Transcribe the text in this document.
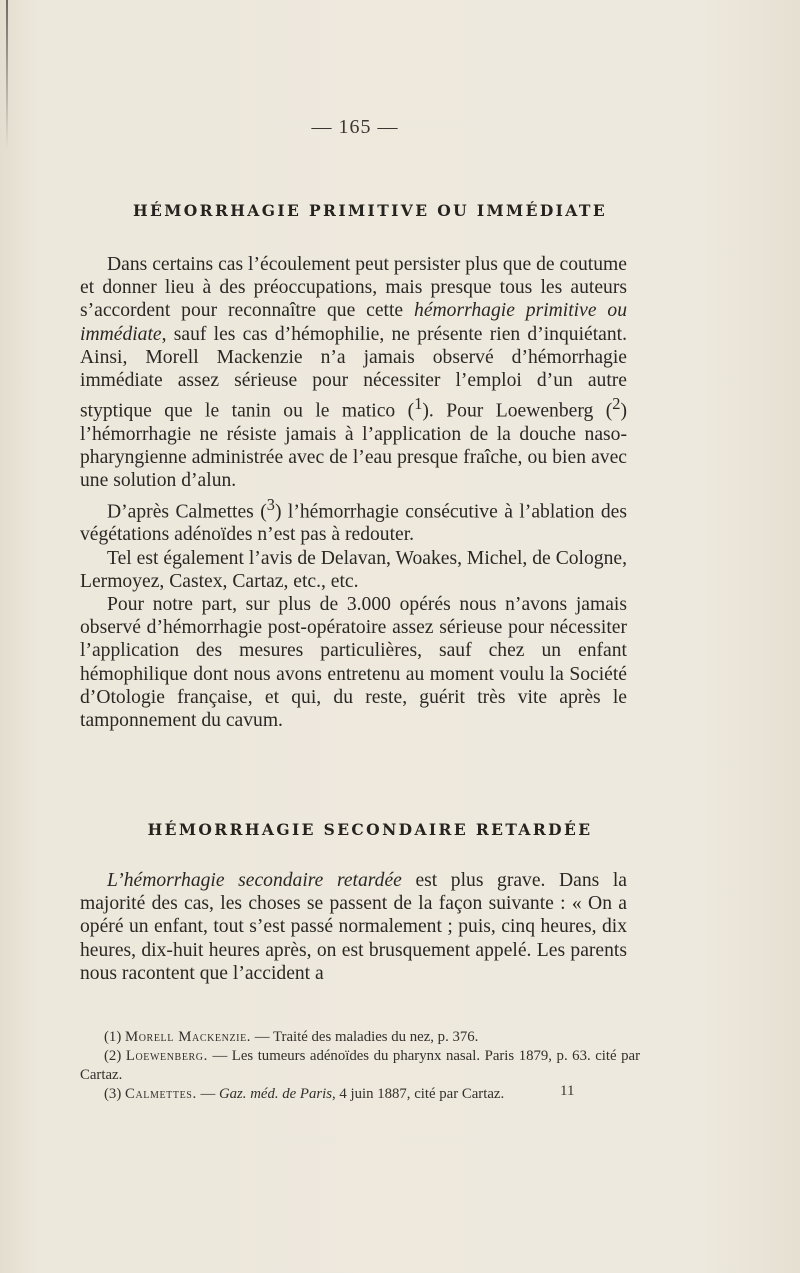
— 165 —
HÉMORRHAGIE PRIMITIVE OU IMMÉDIATE

Dans certains cas l’écoulement peut persister plus que de coutume et donner lieu à des préoccupations, mais presque tous les auteurs s’accordent pour reconnaître que cette hémorrhagie primitive ou immédiate, sauf les cas d’hémophilie, ne présente rien d’inquiétant. Ainsi, Morell Mackenzie n’a jamais observé d’hémorrhagie immédiate assez sérieuse pour nécessiter l’emploi d’un autre styptique que le tanin ou le matico ($^1$). Pour Loewenberg ($^2$) l’hémorrhagie ne résiste jamais à l’application de la douche naso-pharyngienne administrée avec de l’eau presque fraîche, ou bien avec une solution d’alun.

D’après Calmettes ($^3$) l’hémorrhagie consécutive à l’ablation des végétations adénoïdes n’est pas à redouter.

Tel est également l’avis de Delavan, Woakes, Michel, de Cologne, Lermoyez, Castex, Cartaz, etc., etc.

Pour notre part, sur plus de 3.000 opérés nous n’avons jamais observé d’hémorrhagie post-opératoire assez sérieuse pour nécessiter l’application des mesures particulières, sauf chez un enfant hémophilique dont nous avons entretenu au moment voulu la Société d’Otologie française, et qui, du reste, guérit très vite après le tamponnement du cavum.

HÉMORRHAGIE SECONDAIRE RETARDÉE

L’hémorrhagie secondaire retardée est plus grave. Dans la majorité des cas, les choses se passent de la façon suivante : « On a opéré un enfant, tout s’est passé normalement ; puis, cinq heures, dix heures, dix-huit heures après, on est brusquement appelé. Les parents nous racontent que l’accident a

(1) Morell Mackenzie. — Traité des maladies du nez, p. 376.

(2) Loewenberg. — Les tumeurs adénoïdes du pharynx nasal. Paris 1879, p. 63. cité par Cartaz.

(3) Calmettes. — Gaz. méd. de Paris, 4 juin 1887, cité par Cartaz.	11
